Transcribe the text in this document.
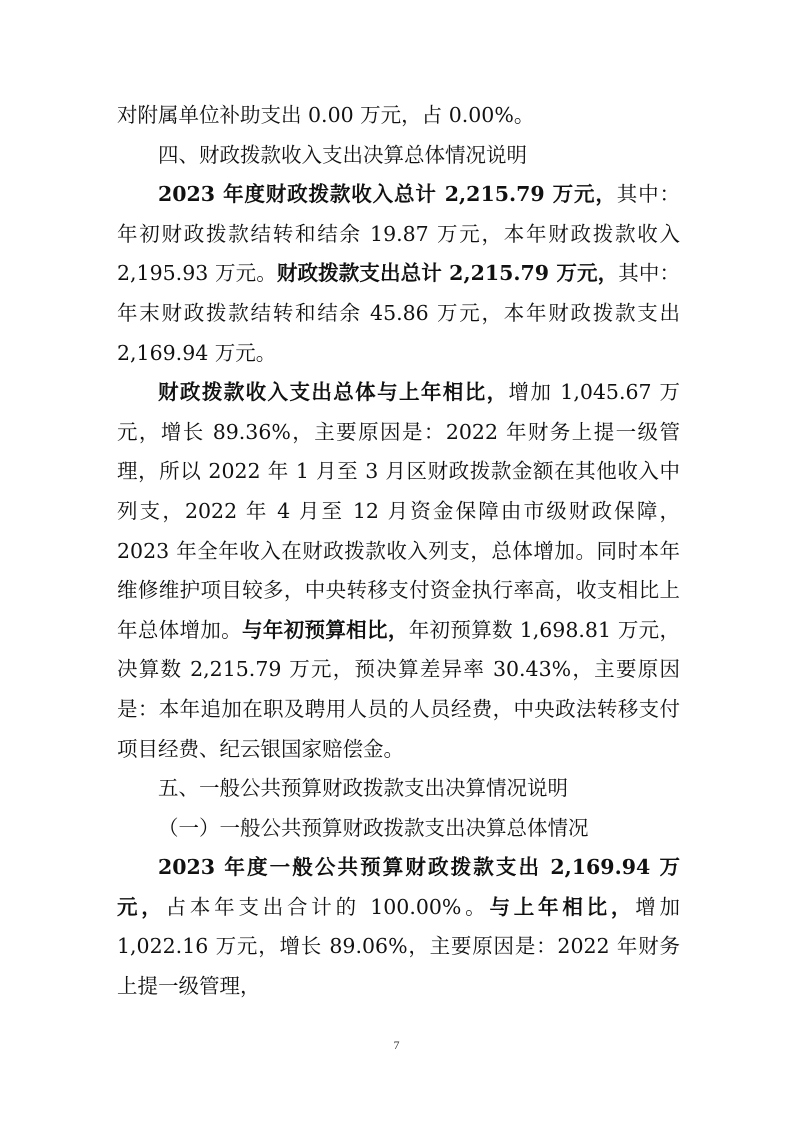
对附属单位补助支出 0.00 万元，占 0.00%。

四、财政拨款收入支出决算总体情况说明

2023 年度财政拨款收入总计 2,215.79 万元，其中：年初财政拨款结转和结余 19.87 万元，本年财政拨款收入 2,195.93 万元。财政拨款支出总计 2,215.79 万元，其中：年末财政拨款结转和结余 45.86 万元，本年财政拨款支出 2,169.94 万元。

财政拨款收入支出总体与上年相比，增加 1,045.67 万元，增长 89.36%，主要原因是：2022 年财务上提一级管理，所以 2022 年 1 月至 3 月区财政拨款金额在其他收入中列支，2022 年 4 月至 12 月资金保障由市级财政保障，2023 年全年收入在财政拨款收入列支，总体增加。同时本年维修维护项目较多，中央转移支付资金执行率高，收支相比上年总体增加。与年初预算相比，年初预算数 1,698.81 万元，决算数 2,215.79 万元，预决算差异率 30.43%，主要原因是：本年追加在职及聘用人员的人员经费，中央政法转移支付项目经费、纪云银国家赔偿金。

五、一般公共预算财政拨款支出决算情况说明

（一）一般公共预算财政拨款支出决算总体情况

2023 年度一般公共预算财政拨款支出 2,169.94 万元，占本年支出合计的 100.00%。与上年相比，增加 1,022.16 万元，增长 89.06%，主要原因是：2022 年财务上提一级管理，

7
